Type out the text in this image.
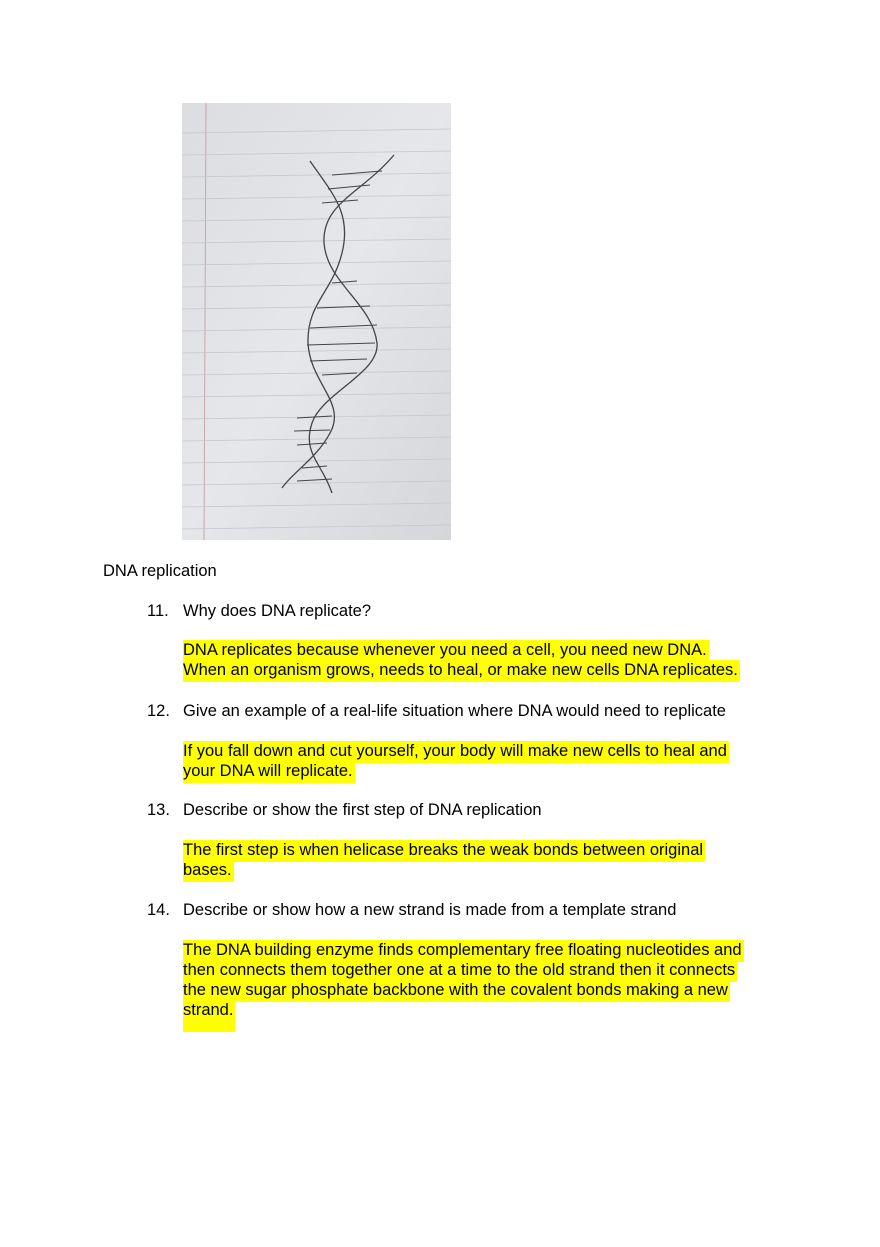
DNA replication
11. Why does DNA replicate?
DNA replicates because whenever you need a cell, you need new DNA.
When an organism grows, needs to heal, or make new cells DNA replicates.
12. Give an example of a real-life situation where DNA would need to replicate
If you fall down and cut yourself, your body will make new cells to heal and
your DNA will replicate.
13. Describe or show the first step of DNA replication
The first step is when helicase breaks the weak bonds between original
bases.
14. Describe or show how a new strand is made from a template strand
The DNA building enzyme finds complementary free floating nucleotides and
then connects them together one at a time to the old strand then it connects
the new sugar phosphate backbone with the covalent bonds making a new
strand.
